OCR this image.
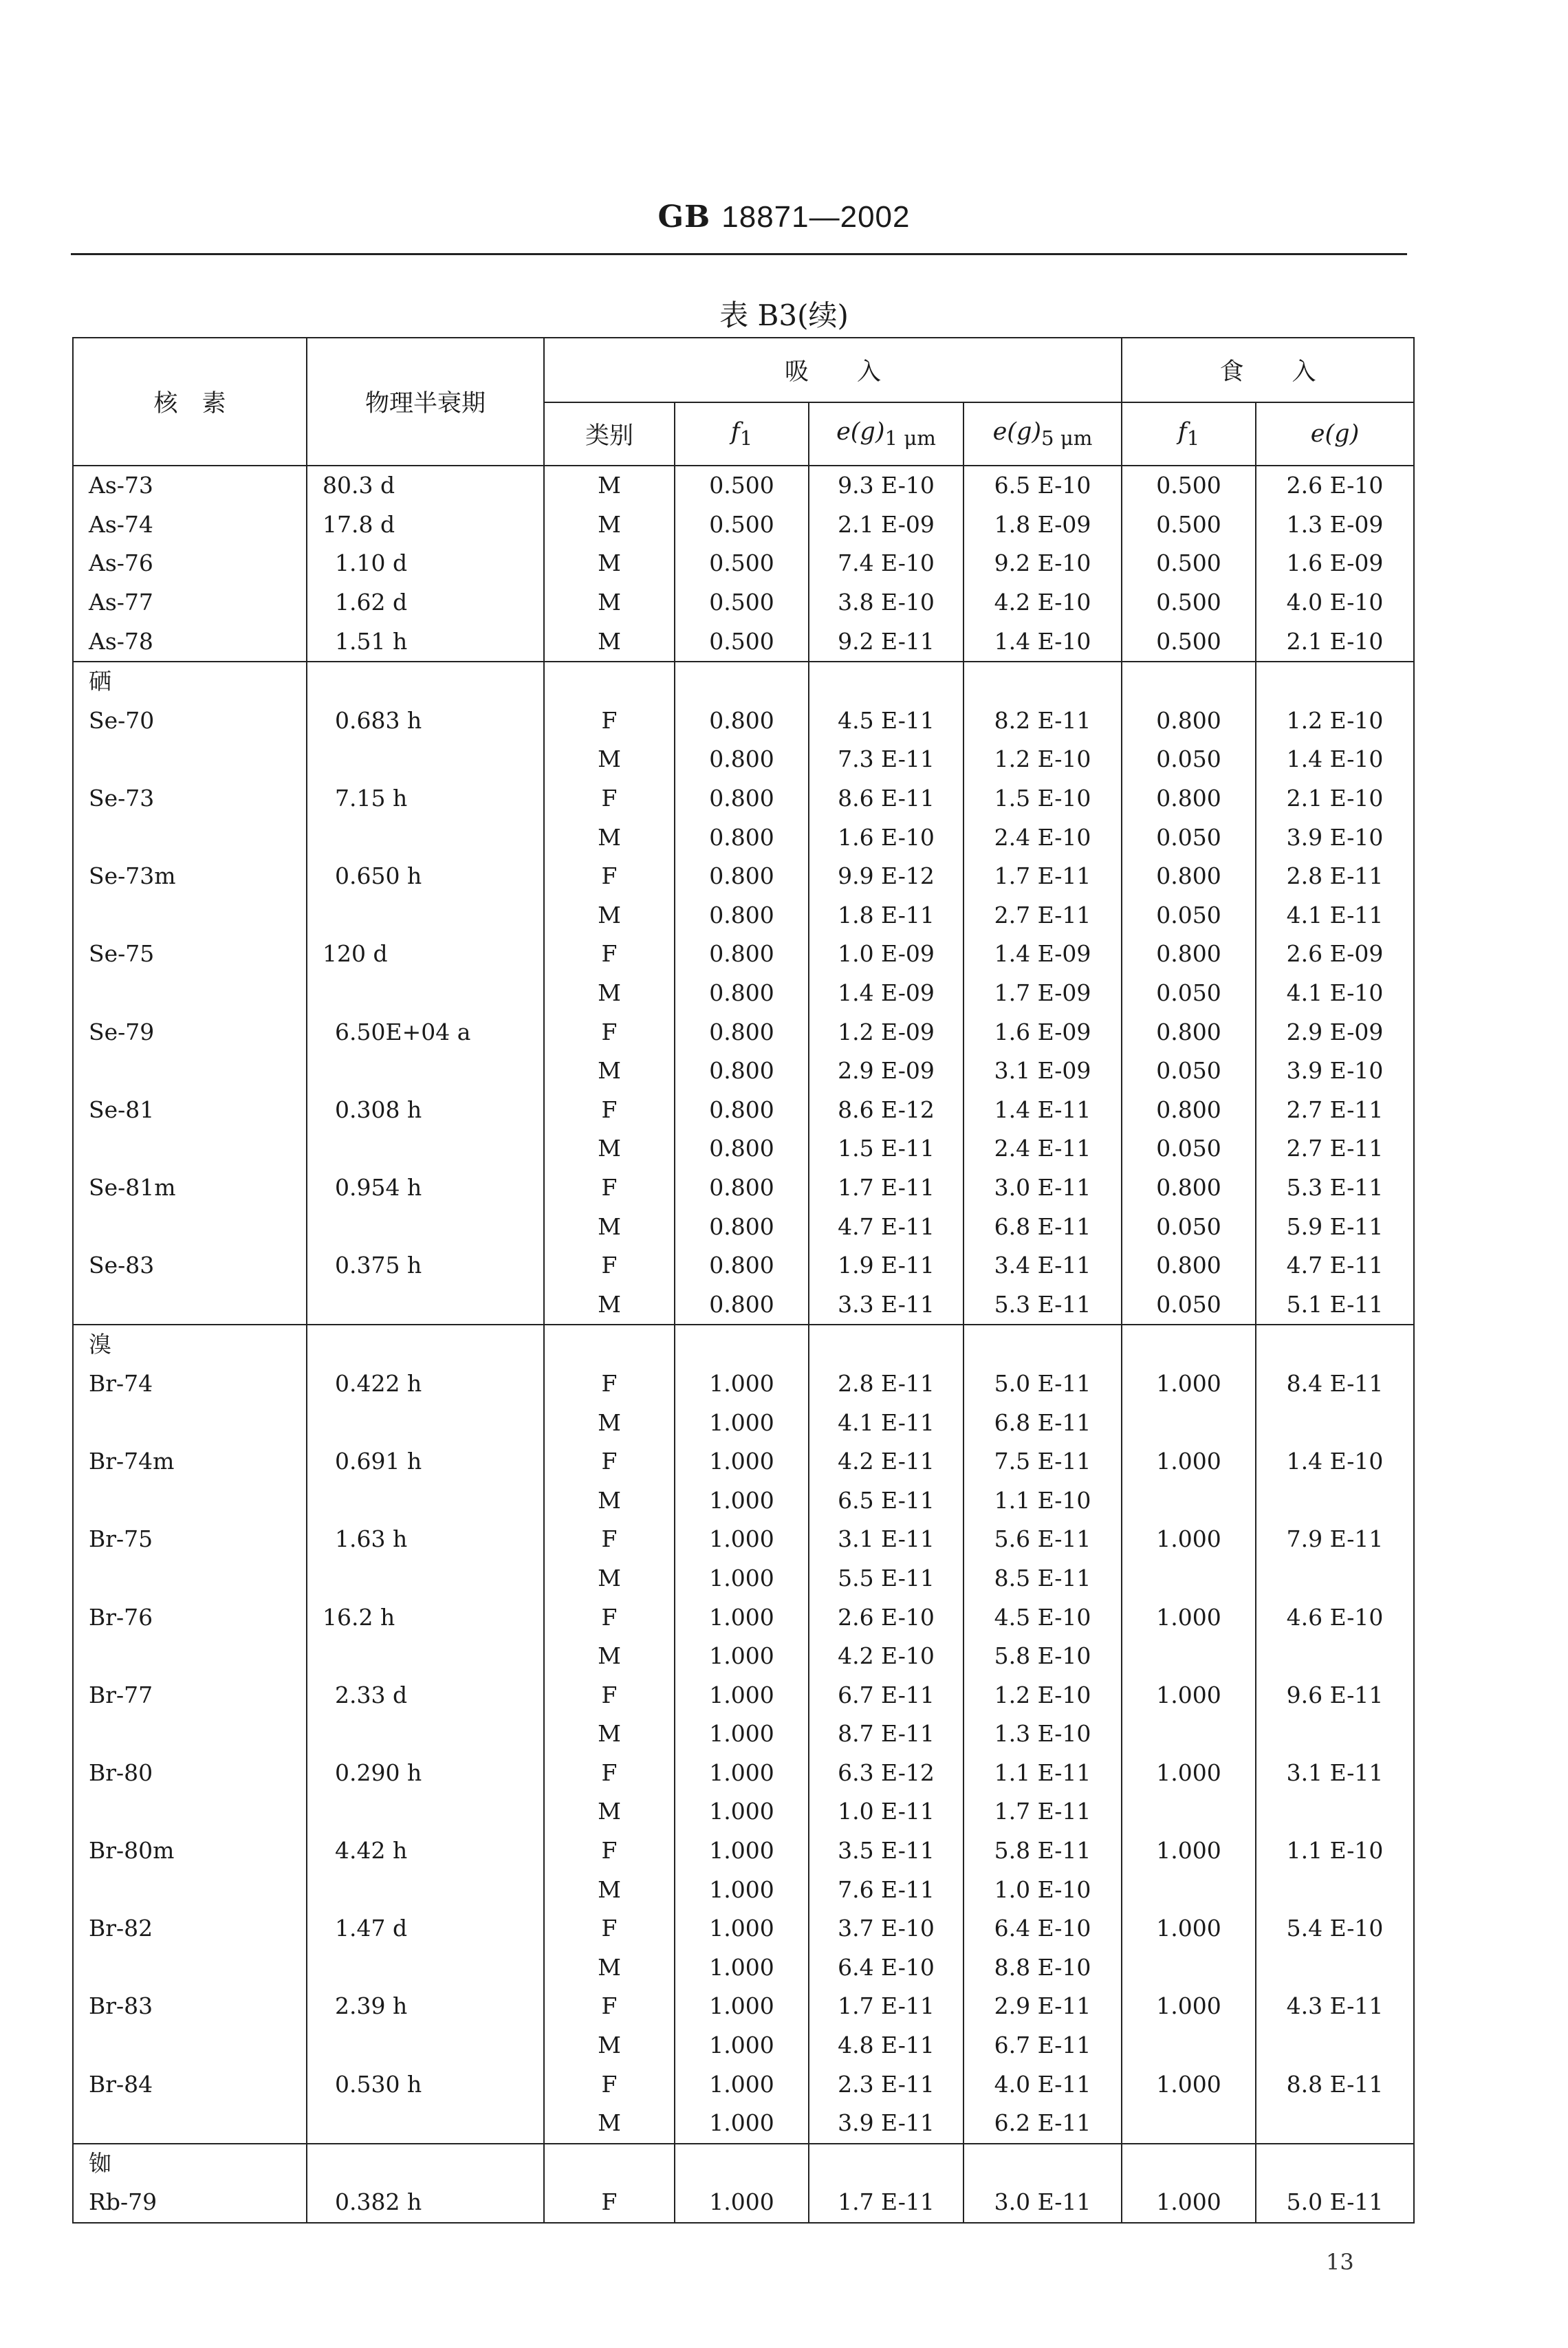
GB 18871—2002
表 B3(续)
核　素	物理半衰期	吸　　入				食　　入	
		类别	$f_1$	$e(g)_{1 \mu m}$	$e(g)_{5 \mu m}$	$f_1$	e(g)
As-73	80.3 d	M	0.500	9.3 E-10	6.5 E-10	0.500	2.6 E-10
As-74	17.8 d	M	0.500	2.1 E-09	1.8 E-09	0.500	1.3 E-09
As-76	1.10 d	M	0.500	7.4 E-10	9.2 E-10	0.500	1.6 E-09
As-77	1.62 d	M	0.500	3.8 E-10	4.2 E-10	0.500	4.0 E-10
As-78	1.51 h	M	0.500	9.2 E-11	1.4 E-10	0.500	2.1 E-10
硒							
Se-70	0.683 h	F	0.800	4.5 E-11	8.2 E-11	0.800	1.2 E-10
		M	0.800	7.3 E-11	1.2 E-10	0.050	1.4 E-10
Se-73	7.15 h	F	0.800	8.6 E-11	1.5 E-10	0.800	2.1 E-10
		M	0.800	1.6 E-10	2.4 E-10	0.050	3.9 E-10
Se-73m	0.650 h	F	0.800	9.9 E-12	1.7 E-11	0.800	2.8 E-11
		M	0.800	1.8 E-11	2.7 E-11	0.050	4.1 E-11
Se-75	120 d	F	0.800	1.0 E-09	1.4 E-09	0.800	2.6 E-09
		M	0.800	1.4 E-09	1.7 E-09	0.050	4.1 E-10
Se-79	6.50E+04 a	F	0.800	1.2 E-09	1.6 E-09	0.800	2.9 E-09
		M	0.800	2.9 E-09	3.1 E-09	0.050	3.9 E-10
Se-81	0.308 h	F	0.800	8.6 E-12	1.4 E-11	0.800	2.7 E-11
		M	0.800	1.5 E-11	2.4 E-11	0.050	2.7 E-11
Se-81m	0.954 h	F	0.800	1.7 E-11	3.0 E-11	0.800	5.3 E-11
		M	0.800	4.7 E-11	6.8 E-11	0.050	5.9 E-11
Se-83	0.375 h	F	0.800	1.9 E-11	3.4 E-11	0.800	4.7 E-11
		M	0.800	3.3 E-11	5.3 E-11	0.050	5.1 E-11
溴							
Br-74	0.422 h	F	1.000	2.8 E-11	5.0 E-11	1.000	8.4 E-11
		M	1.000	4.1 E-11	6.8 E-11		
Br-74m	0.691 h	F	1.000	4.2 E-11	7.5 E-11	1.000	1.4 E-10
		M	1.000	6.5 E-11	1.1 E-10		
Br-75	1.63 h	F	1.000	3.1 E-11	5.6 E-11	1.000	7.9 E-11
		M	1.000	5.5 E-11	8.5 E-11		
Br-76	16.2 h	F	1.000	2.6 E-10	4.5 E-10	1.000	4.6 E-10
		M	1.000	4.2 E-10	5.8 E-10		
Br-77	2.33 d	F	1.000	6.7 E-11	1.2 E-10	1.000	9.6 E-11
		M	1.000	8.7 E-11	1.3 E-10		
Br-80	0.290 h	F	1.000	6.3 E-12	1.1 E-11	1.000	3.1 E-11
		M	1.000	1.0 E-11	1.7 E-11		
Br-80m	4.42 h	F	1.000	3.5 E-11	5.8 E-11	1.000	1.1 E-10
		M	1.000	7.6 E-11	1.0 E-10		
Br-82	1.47 d	F	1.000	3.7 E-10	6.4 E-10	1.000	5.4 E-10
		M	1.000	6.4 E-10	8.8 E-10		
Br-83	2.39 h	F	1.000	1.7 E-11	2.9 E-11	1.000	4.3 E-11
		M	1.000	4.8 E-11	6.7 E-11		
Br-84	0.530 h	F	1.000	2.3 E-11	4.0 E-11	1.000	8.8 E-11
		M	1.000	3.9 E-11	6.2 E-11		
铷							
Rb-79	0.382 h	F	1.000	1.7 E-11	3.0 E-11	1.000	5.0 E-11
13
